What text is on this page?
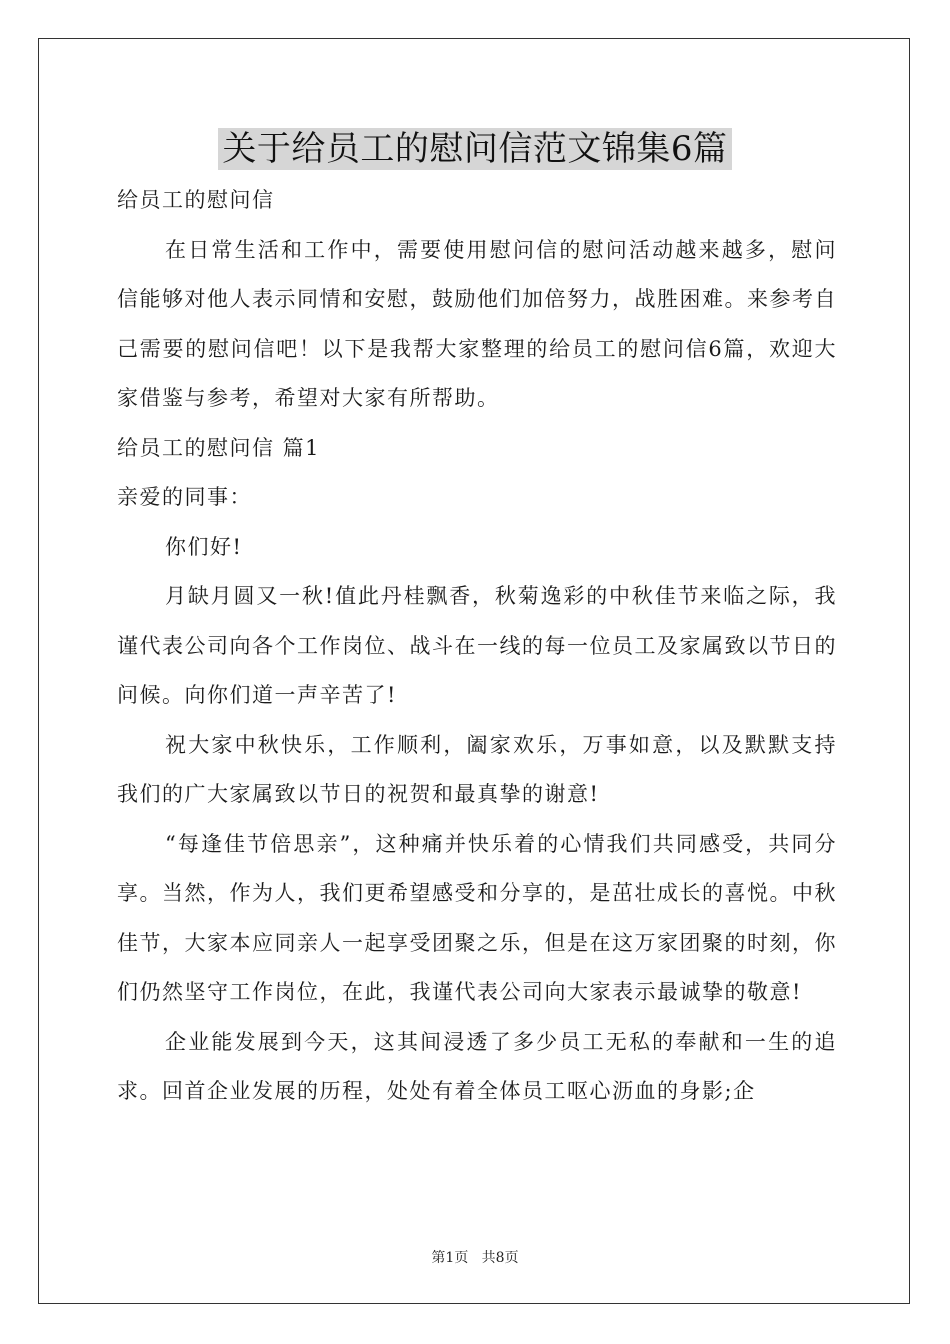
关于给员工的慰问信范文锦集6篇

给员工的慰问信

在日常生活和工作中，需要使用慰问信的慰问活动越来越多，慰问信能够对他人表示同情和安慰，鼓励他们加倍努力，战胜困难。来参考自己需要的慰问信吧！以下是我帮大家整理的给员工的慰问信6篇，欢迎大家借鉴与参考，希望对大家有所帮助。

给员工的慰问信 篇1

亲爱的同事：

你们好!

月缺月圆又一秋!值此丹桂飘香，秋菊逸彩的中秋佳节来临之际，我谨代表公司向各个工作岗位、战斗在一线的每一位员工及家属致以节日的问候。向你们道一声辛苦了!

祝大家中秋快乐，工作顺利，阖家欢乐，万事如意，以及默默支持我们的广大家属致以节日的祝贺和最真挚的谢意!

“每逢佳节倍思亲”，这种痛并快乐着的心情我们共同感受，共同分享。当然，作为人，我们更希望感受和分享的，是茁壮成长的喜悦。中秋佳节，大家本应同亲人一起享受团聚之乐，但是在这万家团聚的时刻，你们仍然坚守工作岗位，在此，我谨代表公司向大家表示最诚挚的敬意!

企业能发展到今天，这其间浸透了多少员工无私的奉献和一生的追求。回首企业发展的历程，处处有着全体员工呕心沥血的身影;企

第1页   共8页
